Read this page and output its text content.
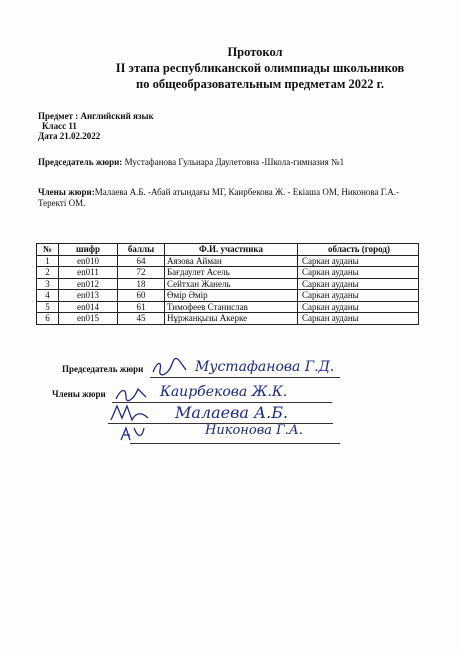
Протокол
II этапа республиканской олимпиады школьников
по общеобразовательным предметам 2022 г.
Предмет : Английский язык
Класс 11
Дата 21.02.2022
Председатель жюри: Мустафанова Гульнара Даулетовна -Школа-гимназия №1
Члены жюри:Малаева А.Б. -Абай атындағы МГ, Каирбекова Ж. - Екiаша ОМ, Никонова Г.А.-Теректi ОМ.
№	шифр	баллы	Ф.И. участника	область (город)
1	en010	64	Аязова Айман	Саркан ауданы
2	en011	72	Бағдаулет Асель	Саркан ауданы
3	en012	18	Сейтхан Жанель	Саркан ауданы
4	en013	60	Өмір Әмір	Саркан ауданы
5	en014	61	Тимофеев Станислав	Саркан ауданы
6	en015	45	Нұржанқызы Акерке	Саркан ауданы
Председатель жюри	Мустафанова Г.Д.
Члены жюри	Каирбекова Ж.К.
Малаева А.Б.
Никонова Г.А.
